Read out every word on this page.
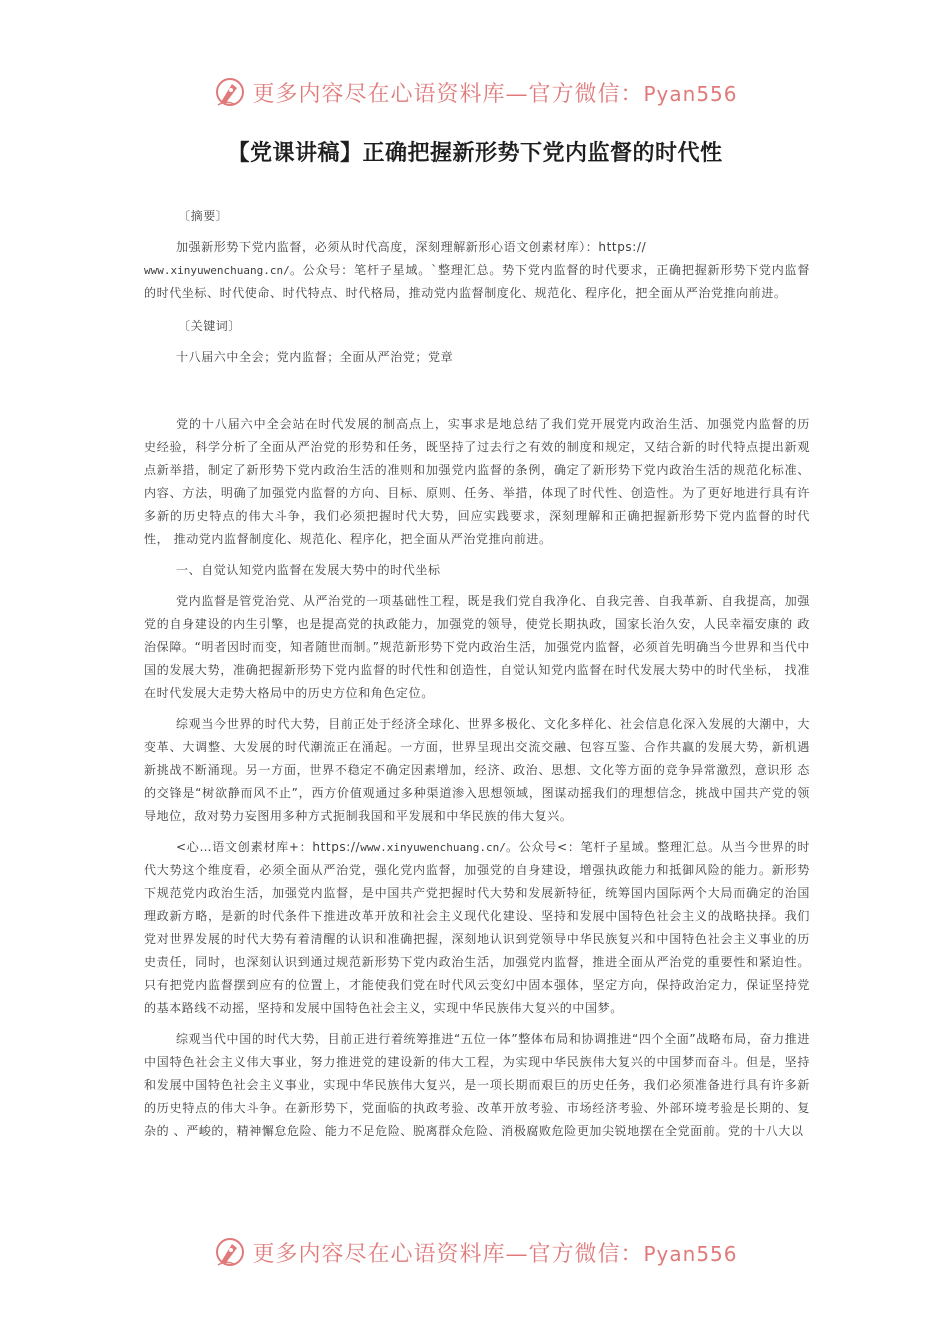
更多内容尽在心语资料库—官方微信：Pyan556
【党课讲稿】正确把握新形势下党内监督的时代性

〔摘要〕

加强新形势下党内监督，必须从时代高度，深刻理解新形心语文创素材库）：https://
www.xinyuwenchuang.cn/。公众号：笔杆子星域。`整理汇总。势下党内监督的时代要求，正确把握新形势下党内监督的时代坐标、时代使命、时代特点、时代格局，推动党内监督制度化、规范化、程序化，把全面从严治党推向前进。

〔关键词〕

十八届六中全会；党内监督；全面从严治党；党章

党的十八届六中全会站在时代发展的制高点上，实事求是地总结了我们党开展党内政治生活、加强党内监督的历 史经验，科学分析了全面从严治党的形势和任务，既坚持了过去行之有效的制度和规定，又结合新的时代特点提出新观点新举措，制定了新形势下党内政治生活的准则和加强党内监督的条例，确定了新形势下党内政治生活的规范化标准、内容、方法，明确了加强党内监督的方向、目标、原则、任务、举措，体现了时代性、创造性。为了更好地进行具有许多新的历史特点的伟大斗争，我们必须把握时代大势，回应实践要求，深刻理解和正确把握新形势下党内监督的时代性， 推动党内监督制度化、规范化、程序化，把全面从严治党推向前进。

一、自觉认知党内监督在发展大势中的时代坐标

党内监督是管党治党、从严治党的一项基础性工程，既是我们党自我净化、自我完善、自我革新、自我提高，加强党的自身建设的内生引擎，也是提高党的执政能力，加强党的领导，使党长期执政，国家长治久安，人民幸福安康的 政治保障。“明者因时而变，知者随世而制。”规范新形势下党内政治生活，加强党内监督，必须首先明确当今世界和当代中国的发展大势，准确把握新形势下党内监督的时代性和创造性，自觉认知党内监督在时代发展大势中的时代坐标， 找准在时代发展大走势大格局中的历史方位和角色定位。

综观当今世界的时代大势，目前正处于经济全球化、世界多极化、文化多样化、社会信息化深入发展的大潮中，大变革、大调整、大发展的时代潮流正在涌起。一方面，世界呈现出交流交融、包容互鉴、合作共赢的发展大势，新机遇新挑战不断涌现。另一方面，世界不稳定不确定因素增加，经济、政治、思想、文化等方面的竞争异常激烈，意识形 态的交锋是“树欲静而风不止”，西方价值观通过多种渠道渗入思想领域，图谋动摇我们的理想信念，挑战中国共产党的领导地位，敌对势力妄图用多种方式扼制我国和平发展和中华民族的伟大复兴。

<心…语文创素材库+：https://www.xinyuwenchuang.cn/。公众号<：笔杆子星域。整理汇总。从当今世界的时代大势这个维度看，必须全面从严治党，强化党内监督，加强党的自身建设，增强执政能力和抵御风险的能力。新形势下规范党内政治生活，加强党内监督，是中国共产党把握时代大势和发展新特征，统筹国内国际两个大局而确定的治国理政新方略，是新的时代条件下推进改革开放和社会主义现代化建设、坚持和发展中国特色社会主义的战略抉择。我们党对世界发展的时代大势有着清醒的认识和准确把握，深刻地认识到党领导中华民族复兴和中国特色社会主义事业的历史责任，同时，也深刻认识到通过规范新形势下党内政治生活，加强党内监督，推进全面从严治党的重要性和紧迫性。只有把党内监督摆到应有的位置上，才能使我们党在时代风云变幻中固本强体，坚定方向，保持政治定力，保证坚持党的基本路线不动摇，坚持和发展中国特色社会主义，实现中华民族伟大复兴的中国梦。

综观当代中国的时代大势，目前正进行着统筹推进“五位一体”整体布局和协调推进“四个全面”战略布局，奋力推进中国特色社会主义伟大事业，努力推进党的建设新的伟大工程，为实现中华民族伟大复兴的中国梦而奋斗。但是，坚持和发展中国特色社会主义事业，实现中华民族伟大复兴，是一项长期而艰巨的历史任务，我们必须准备进行具有许多新的历史特点的伟大斗争。在新形势下，党面临的执政考验、改革开放考验、市场经济考验、外部环境考验是长期的、复杂的 、严峻的，精神懈怠危险、能力不足危险、脱离群众危险、消极腐败危险更加尖锐地摆在全党面前。党的十八大以

更多内容尽在心语资料库—官方微信：Pyan556
